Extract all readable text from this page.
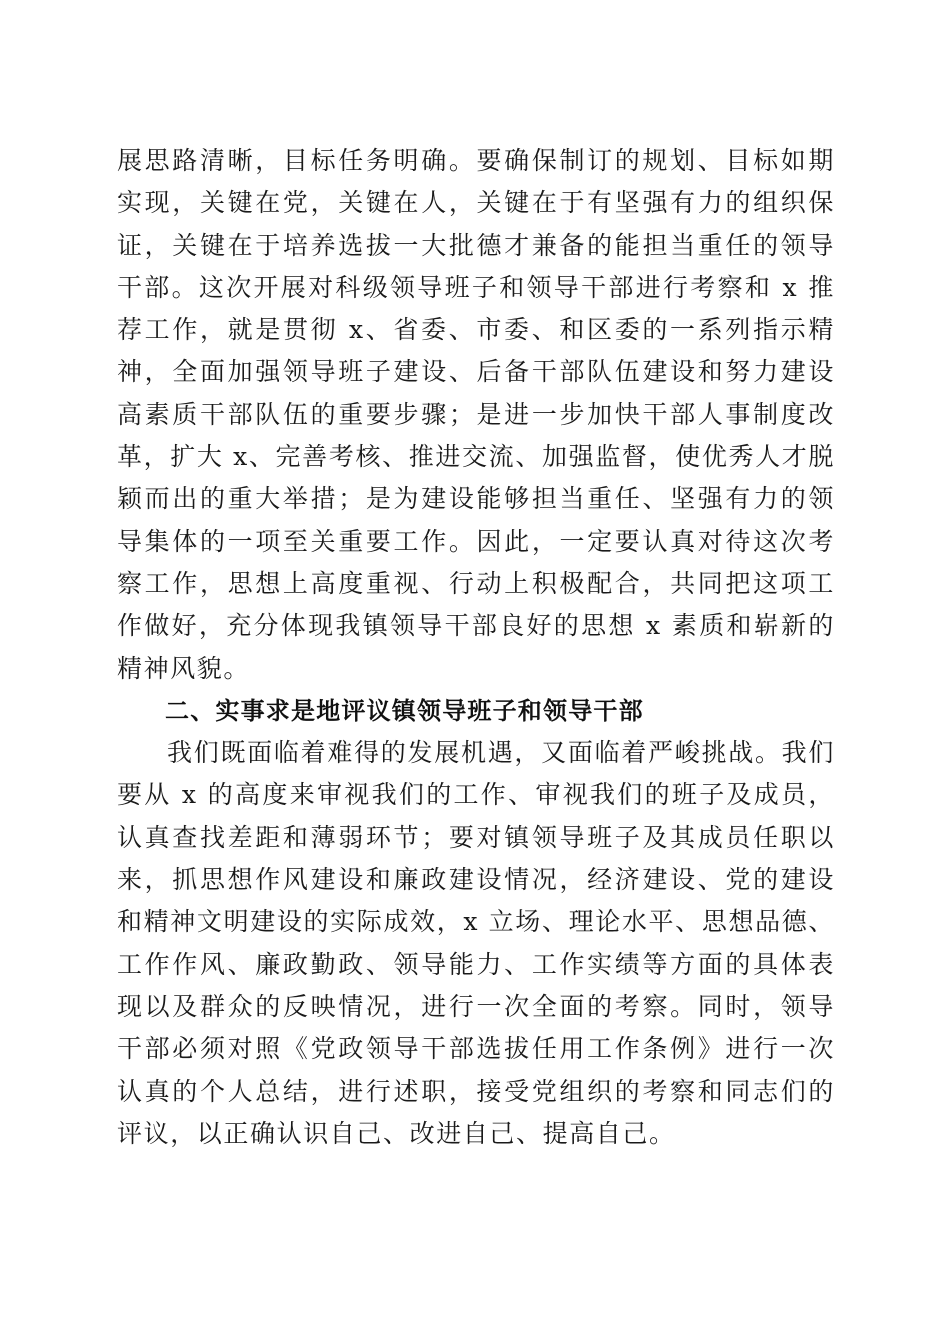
展思路清晰，目标任务明确。要确保制订的规划、目标如期实现，关键在党，关键在人，关键在于有坚强有力的组织保证，关键在于培养选拔一大批德才兼备的能担当重任的领导干部。这次开展对科级领导班子和领导干部进行考察和 x 推荐工作，就是贯彻 x、省委、市委、和区委的一系列指示精神，全面加强领导班子建设、后备干部队伍建设和努力建设高素质干部队伍的重要步骤；是进一步加快干部人事制度改革，扩大 x、完善考核、推进交流、加强监督，使优秀人才脱颖而出的重大举措；是为建设能够担当重任、坚强有力的领导集体的一项至关重要工作。因此，一定要认真对待这次考察工作，思想上高度重视、行动上积极配合，共同把这项工作做好，充分体现我镇领导干部良好的思想 x 素质和崭新的精神风貌。

二、实事求是地评议镇领导班子和领导干部

我们既面临着难得的发展机遇，又面临着严峻挑战。我们要从 x 的高度来审视我们的工作、审视我们的班子及成员，认真查找差距和薄弱环节；要对镇领导班子及其成员任职以来，抓思想作风建设和廉政建设情况，经济建设、党的建设和精神文明建设的实际成效，x 立场、理论水平、思想品德、工作作风、廉政勤政、领导能力、工作实绩等方面的具体表现以及群众的反映情况，进行一次全面的考察。同时，领导干部必须对照《党政领导干部选拔任用工作条例》进行一次认真的个人总结，进行述职，接受党组织的考察和同志们的评议，以正确认识自己、改进自己、提高自己。
